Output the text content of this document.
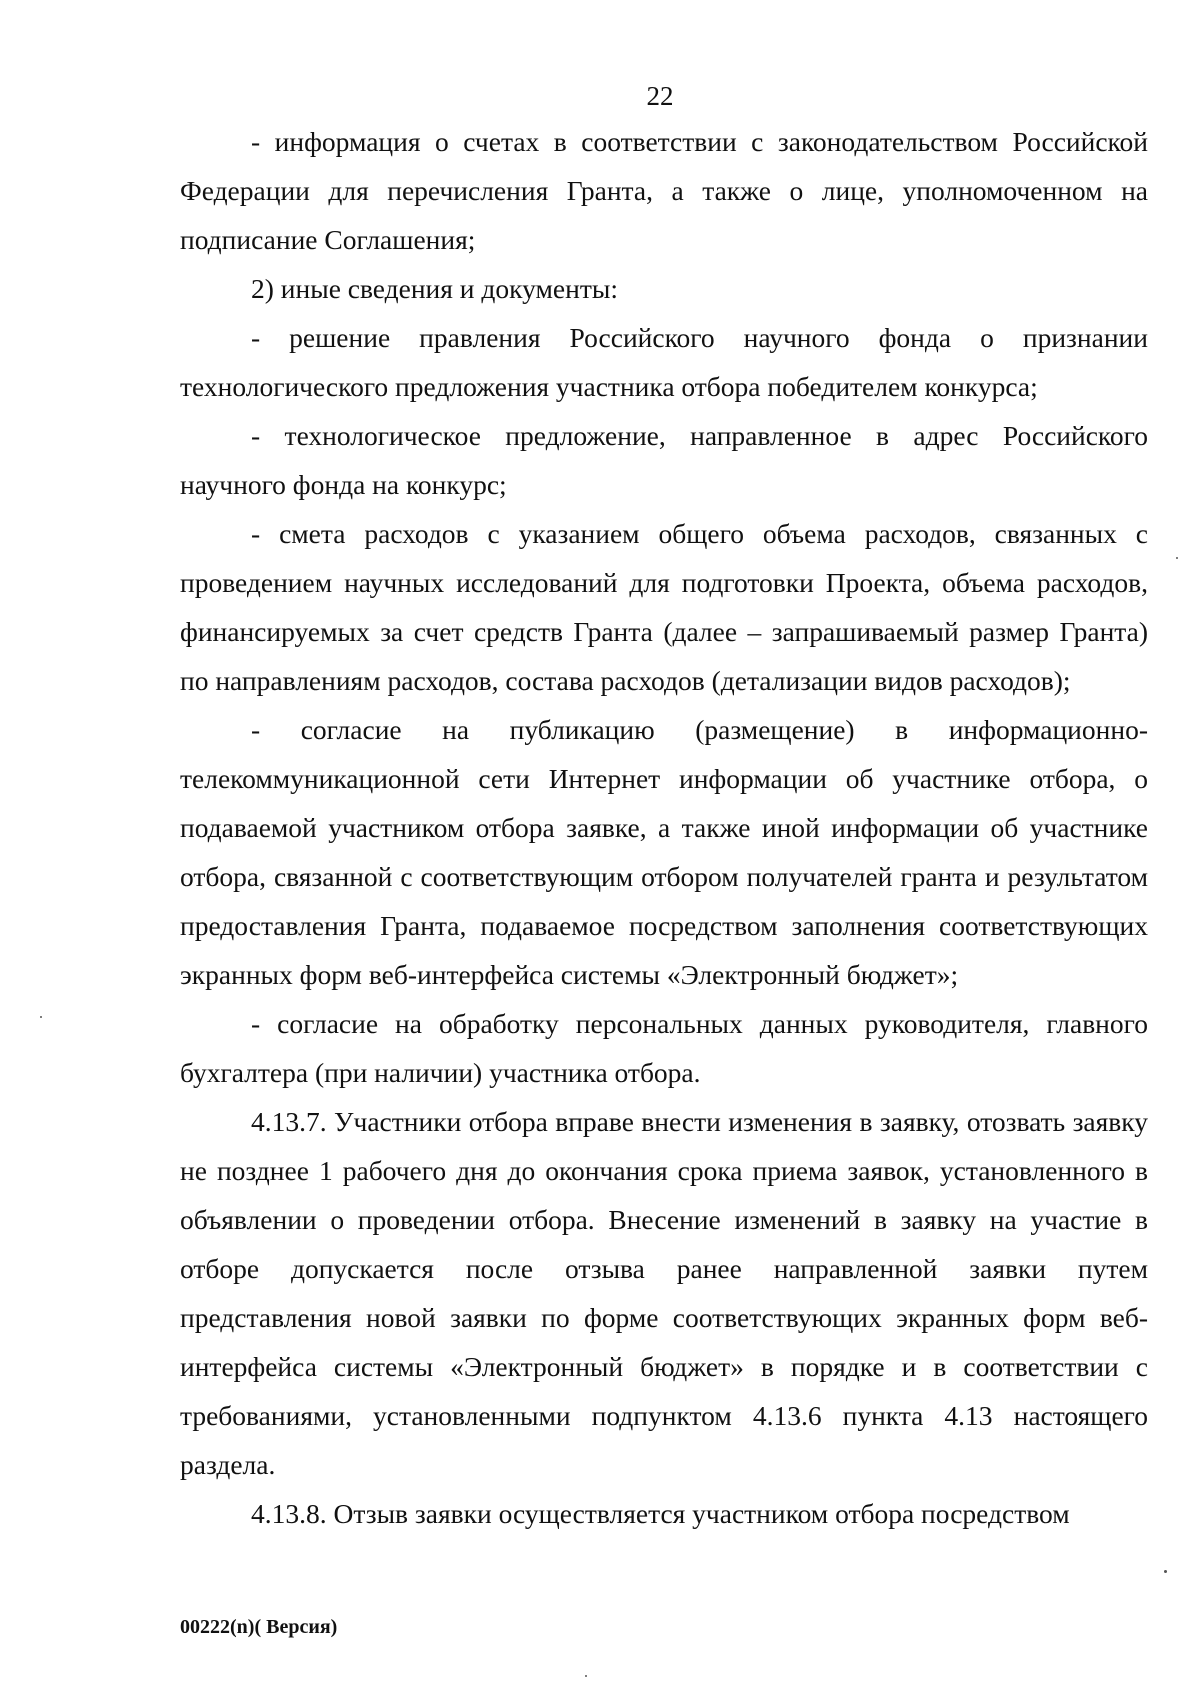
22

- информация о счетах в соответствии с законодательством Российской Федерации для перечисления Гранта, а также о лице, уполномоченном на подписание Соглашения;

2) иные сведения и документы:

- решение правления Российского научного фонда о признании технологического предложения участника отбора победителем конкурса;

- технологическое предложение, направленное в адрес Российского научного фонда на конкурс;

- смета расходов с указанием общего объема расходов, связанных с проведением научных исследований для подготовки Проекта, объема расходов, финансируемых за счет средств Гранта (далее – запрашиваемый размер Гранта) по направлениям расходов, состава расходов (детализации видов расходов);

- согласие на публикацию (размещение) в информационно-телекоммуникационной сети Интернет информации об участнике отбора, о подаваемой участником отбора заявке, а также иной информации об участнике отбора, связанной с соответствующим отбором получателей гранта и результатом предоставления Гранта, подаваемое посредством заполнения соответствующих экранных форм веб-интерфейса системы «Электронный бюджет»;

- согласие на обработку персональных данных руководителя, главного бухгалтера (при наличии) участника отбора.

4.13.7. Участники отбора вправе внести изменения в заявку, отозвать заявку не позднее 1 рабочего дня до окончания срока приема заявок, установленного в объявлении о проведении отбора. Внесение изменений в заявку на участие в отборе допускается после отзыва ранее направленной заявки путем представления новой заявки по форме соответствующих экранных форм веб-интерфейса системы «Электронный бюджет» в порядке и в соответствии с требованиями, установленными подпунктом 4.13.6 пункта 4.13 настоящего раздела.

4.13.8. Отзыв заявки осуществляется участником отбора посредством

00222(n)( Версия)
